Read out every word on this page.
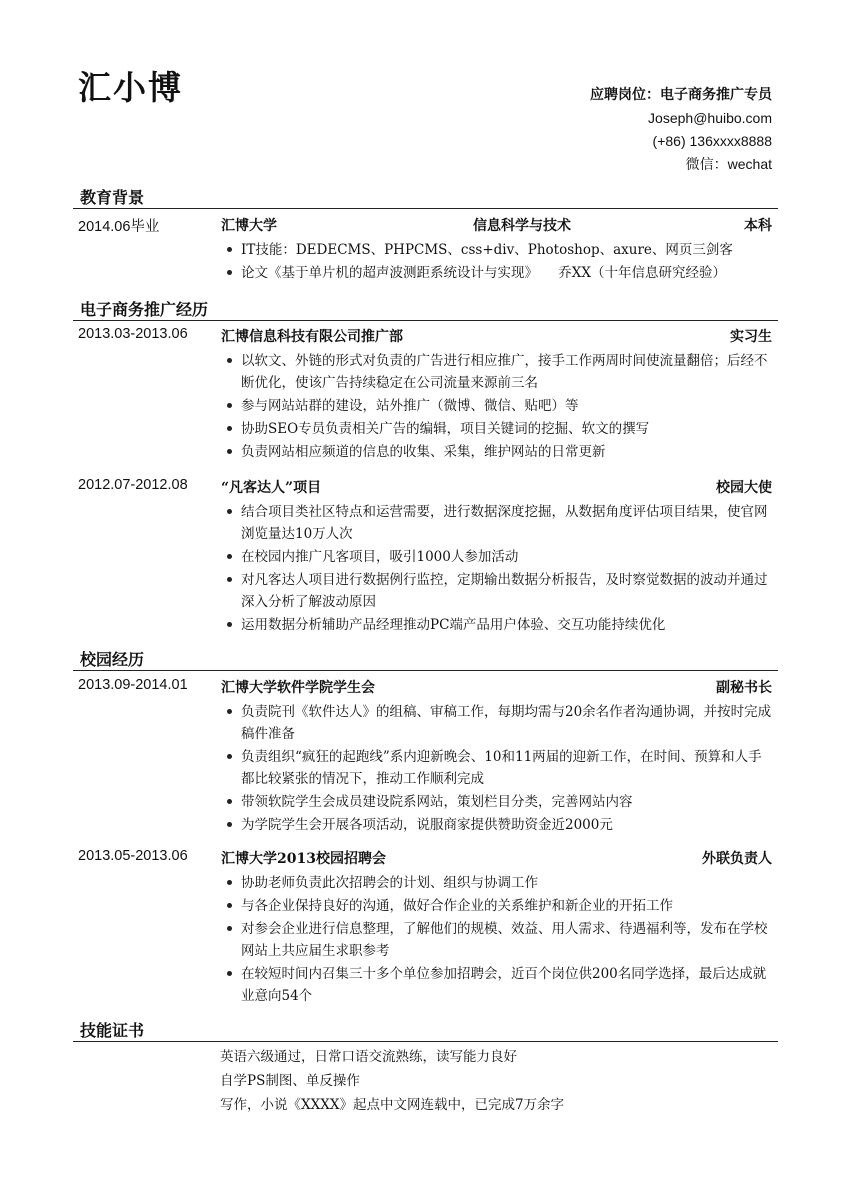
汇小博	应聘岗位：电子商务推广专员
Joseph@huibo.com
(+86) 136xxxx8888
微信：wechat
教育背景
2014.06毕业	汇博大学	信息科学与技术	本科
IT技能：DEDECMS、PHPCMS、css+div、Photoshop、axure、网页三剑客
论文《基于单片机的超声波测距系统设计与实现》　　乔XX（十年信息研究经验）
电子商务推广经历
2013.03-2013.06 汇博信息科技有限公司推广部	实习生
以软文、外链的形式对负责的广告进行相应推广，接手工作两周时间使流量翻倍；后经不断优化，使该广告持续稳定在公司流量来源前三名
参与网站站群的建设，站外推广（微博、微信、贴吧）等
协助SEO专员负责相关广告的编辑，项目关键词的挖掘、软文的撰写
负责网站相应频道的信息的收集、采集，维护网站的日常更新
2012.07-2012.08 “凡客达人”项目	校园大使
结合项目类社区特点和运营需要，进行数据深度挖掘，从数据角度评估项目结果，使官网浏览量达10万人次
在校园内推广凡客项目，吸引1000人参加活动
对凡客达人项目进行数据例行监控，定期输出数据分析报告，及时察觉数据的波动并通过深入分析了解波动原因
运用数据分析辅助产品经理推动PC端产品用户体验、交互功能持续优化
校园经历
2013.09-2014.01 汇博大学软件学院学生会	副秘书长
负责院刊《软件达人》的组稿、审稿工作，每期均需与20余名作者沟通协调，并按时完成稿件准备
负责组织“疯狂的起跑线”系内迎新晚会、10和11两届的迎新工作，在时间、预算和人手都比较紧张的情况下，推动工作顺利完成
带领软院学生会成员建设院系网站，策划栏目分类，完善网站内容
为学院学生会开展各项活动，说服商家提供赞助资金近2000元
2013.05-2013.06 汇博大学2013校园招聘会	外联负责人
协助老师负责此次招聘会的计划、组织与协调工作
与各企业保持良好的沟通，做好合作企业的关系维护和新企业的开拓工作
对参会企业进行信息整理，了解他们的规模、效益、用人需求、待遇福利等，发布在学校网站上共应届生求职参考
在较短时间内召集三十多个单位参加招聘会，近百个岗位供200名同学选择，最后达成就业意向54个
技能证书
英语六级通过，日常口语交流熟练，读写能力良好
自学PS制图、单反操作
写作，小说《XXXX》起点中文网连载中，已完成7万余字
